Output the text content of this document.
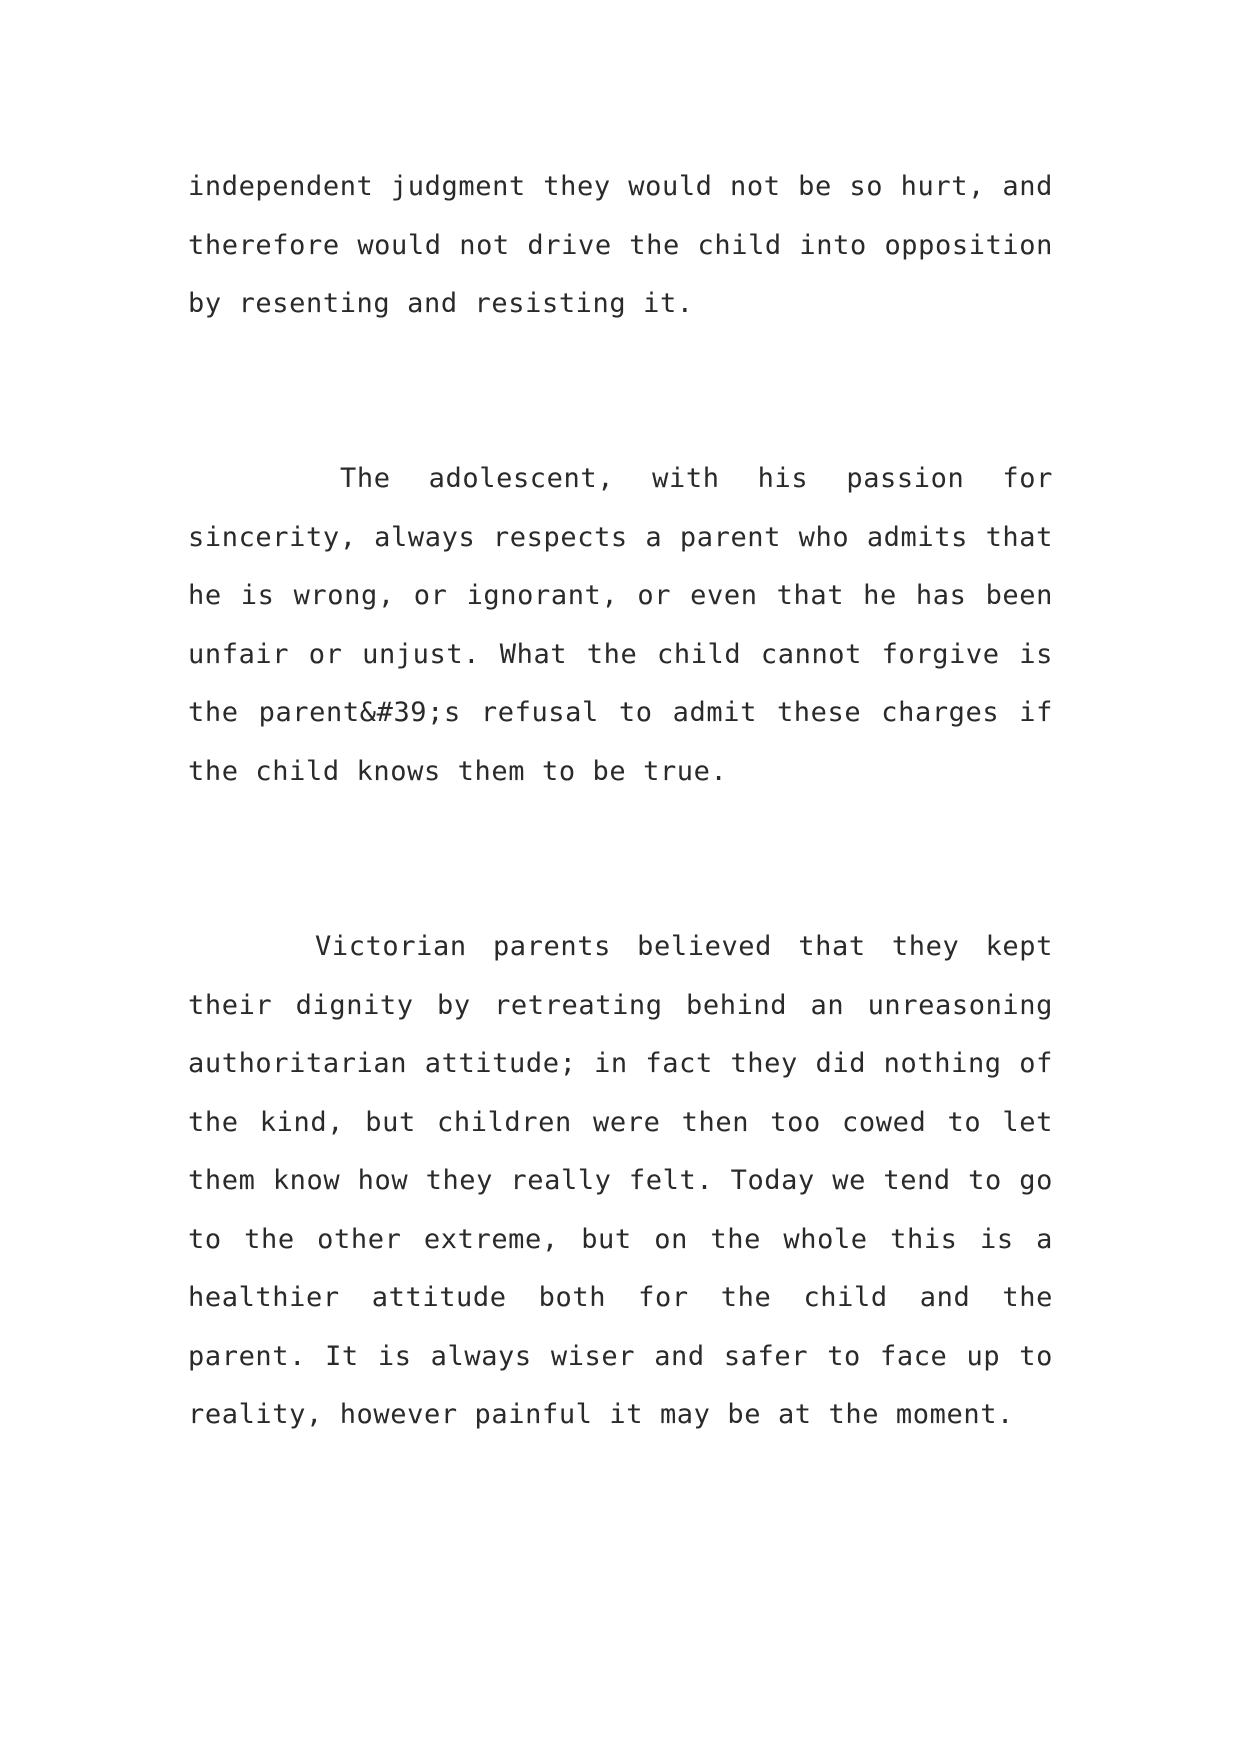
independent judgment they would not be so hurt, and therefore would not drive the child into opposition by resenting and resisting it.

The adolescent, with his passion for sincerity, always respects a parent who admits that he is wrong, or ignorant, or even that he has been unfair or unjust. What the child cannot forgive is the parent&#39;s refusal to admit these charges if the child knows them to be true.

Victorian parents believed that they kept their dignity by retreating behind an unreasoning authoritarian attitude; in fact they did nothing of the kind, but children were then too cowed to let them know how they really felt. Today we tend to go to the other extreme, but on the whole this is a healthier attitude both for the child and the parent. It is always wiser and safer to face up to reality, however painful it may be at the moment.
